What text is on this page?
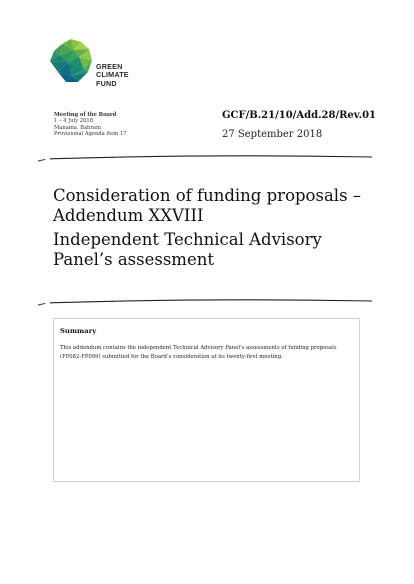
GREEN
CLIMATE
FUND
Meeting of the Board
1 – 4 July 2018
Manama, Bahrain
Provisional Agenda item 17
GCF/B.21/10/Add.28/Rev.01
27 September 2018
Consideration of funding proposals – Addendum XXVIII
Independent Technical Advisory Panel’s assessment
Summary
This addendum contains the independent Technical Advisory Panel’s assessments of funding proposals (FP082-FP099) submitted for the Board’s consideration at its twenty-first meeting.
